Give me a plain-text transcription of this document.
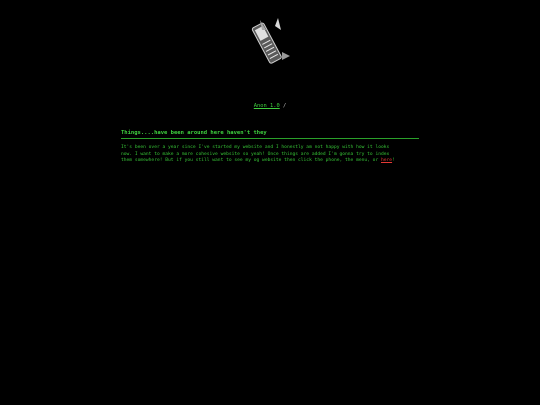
Anon 1.0 /
Things....have been around here haven't they
It's been over a year since I've started my website and I honestly am not happy with how it looks
now. I want to make a more cohesive website so yeah! Once things are added I'm gonna try to index
them somewhere! But if you still want to see my og website then click the phone, the menu, or here!
